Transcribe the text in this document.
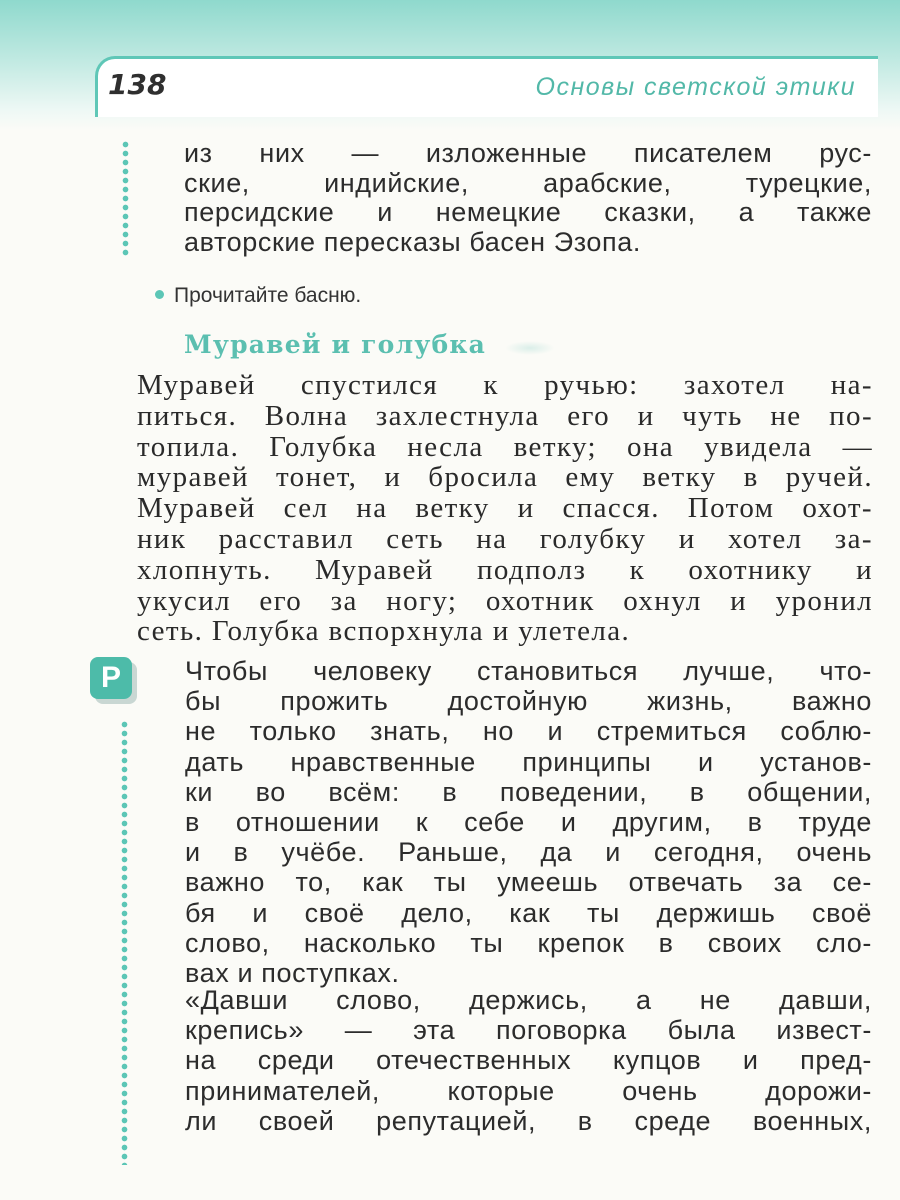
138	Основы светской этики

из них — изложенные писателем рус-
ские, индийские, арабские, турецкие,
персидские и немецкие сказки, а также
авторские пересказы басен Эзопа.

Прочитайте басню.
Муравей и голубка

Муравей спустился к ручью: захотел на-
питься. Волна захлестнула его и чуть не по-
топила. Голубка несла ветку; она увидела —
муравей тонет, и бросила ему ветку в ручей.
Муравей сел на ветку и спасся. Потом охот-
ник расставил сеть на голубку и хотел за-
хлопнуть. Муравей подполз к охотнику и
укусил его за ногу; охотник охнул и уронил
сеть. Голубка вспорхнула и улетела.

Р	Чтобы человеку становиться лучше, что-
бы прожить достойную жизнь, важно
не только знать, но и стремиться соблю-
дать нравственные принципы и установ-
ки во всём: в поведении, в общении,
в отношении к себе и другим, в труде
и в учёбе. Раньше, да и сегодня, очень
важно то, как ты умеешь отвечать за се-
бя и своё дело, как ты держишь своё
слово, насколько ты крепок в своих сло-
вах и поступках.

«Давши слово, держись, а не давши,
крепись» — эта поговорка была извест-
на среди отечественных купцов и пред-
принимателей, которые очень дорожи-
ли своей репутацией, в среде военных,
